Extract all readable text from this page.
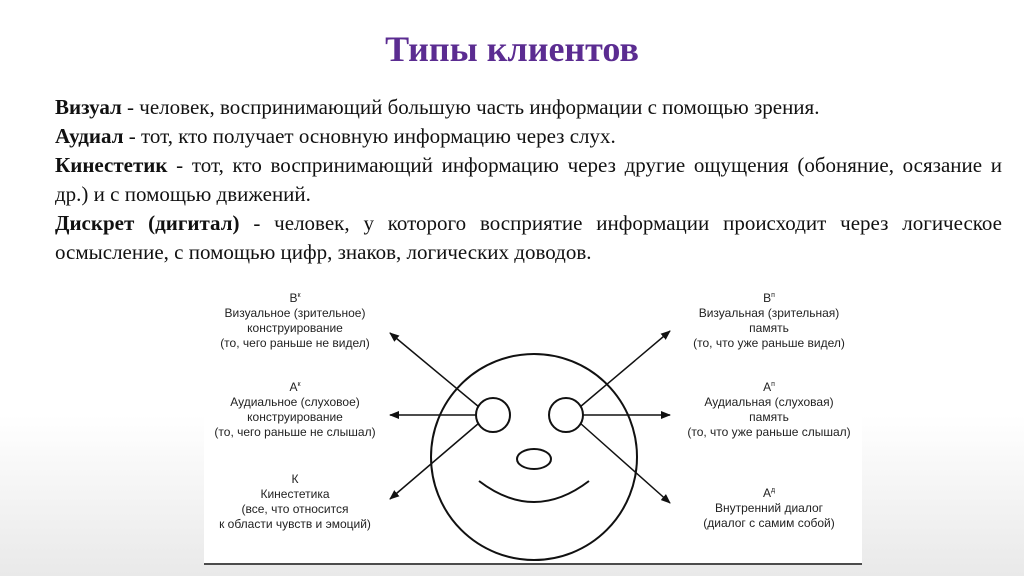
Типы клиентов

Визуал - человек, воспринимающий большую часть информации с помощью зрения.

Аудиал - тот, кто получает основную информацию через слух.

Кинестетик - тот, кто воспринимающий информацию через другие ощущения (обоняние, осязание и др.) и с помощью движений.

Дискрет (дигитал) - человек, у которого восприятие информации происходит через логическое осмысление, с помощью цифр, знаков, логических доводов.

$В^к$
Визуальное (зрительное)
конструирование
(то, чего раньше не видел)
$А^к$
Аудиальное (слуховое)
конструирование
(то, чего раньше не слышал)
К
Кинестетика
(все, что относится
к области чувств и эмоций)
$В^п$
Визуальная (зрительная)
память
(то, что уже раньше видел)
$А^п$
Аудиальная (слуховая)
память
(то, что уже раньше слышал)
$А^д$
Внутренний диалог
(диалог с самим собой)
